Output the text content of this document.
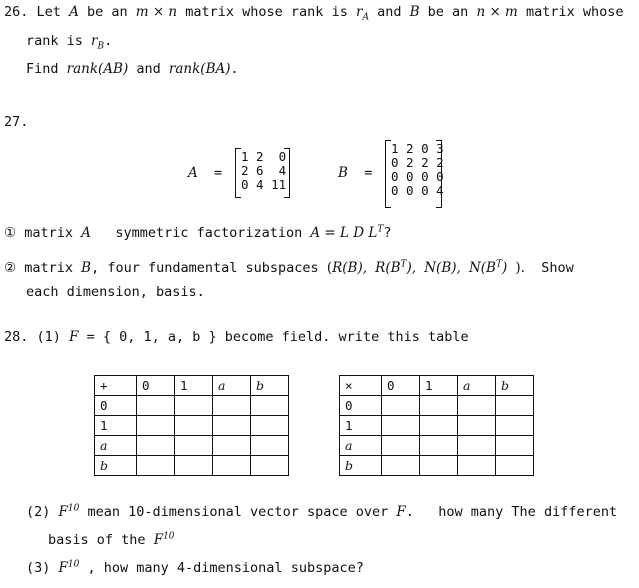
26. Let A be an m × n matrix whose rank is $r_A$ and B be an n × m matrix whose
rank is $r_B$.
Find rank(AB) and rank(BA).
27.
A =
1 2  0
2 6  4
0 4 11
B =
1 2 0 3
0 2 2 2
0 0 0 0
0 0 0 4
① matrix A symmetric factorization A = L D $L^T$?
② matrix B, four fundamental subspaces (R(B), $R(B^T)$, N(B), $N(B^T)$ ). Show
each dimension, basis.
28. (1) F = { 0, 1, a, b } become field. write this table
+	0	1	a	b
0				
1				
a				
b				
×	0	1	a	b
0				
1				
a				
b				
(2) $F^{10}$ mean 10-dimensional vector space over F. how many The different
basis of the $F^{10}$
(3) $F^{10}$ , how many 4-dimensional subspace?
